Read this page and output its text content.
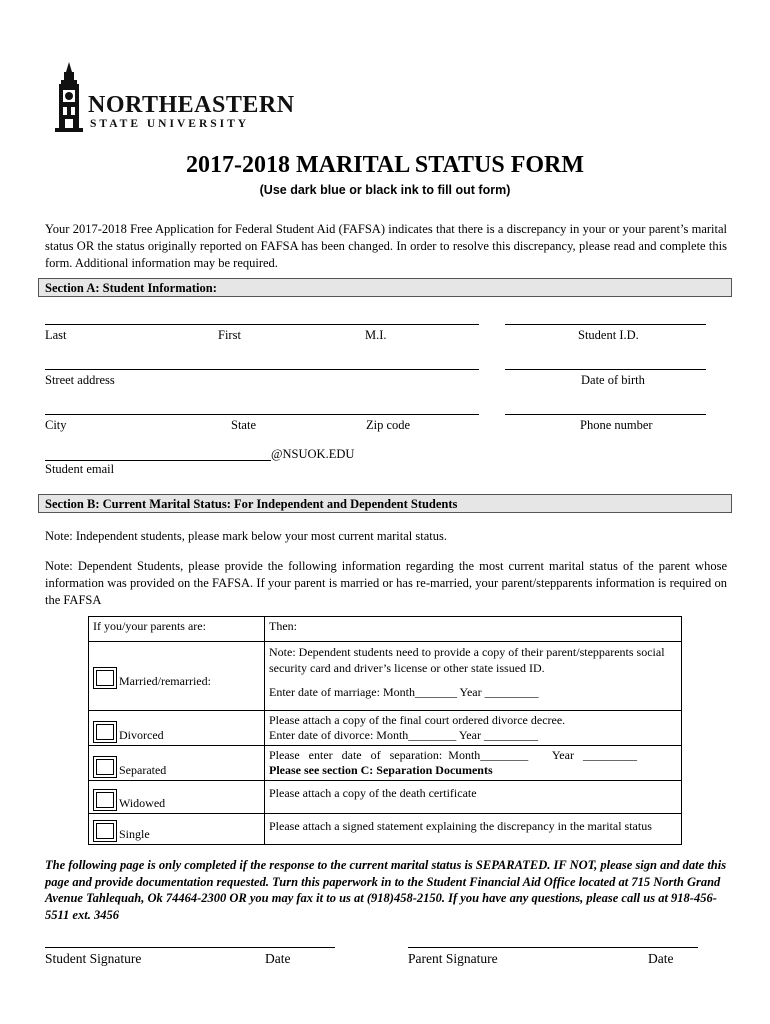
NORTHEASTERN
STATE UNIVERSITY
2017-2018 MARITAL STATUS FORM
(Use dark blue or black ink to fill out form)
Your 2017-2018 Free Application for Federal Student Aid (FAFSA) indicates that there is a discrepancy in your or your parent’s marital status OR the status originally reported on FAFSA has been changed. In order to resolve this discrepancy, please read and complete this form. Additional information may be required.
Section A: Student Information:
Last	First	M.I.	Student I.D.
Street address	Date of birth
City	State	Zip code	Phone number
@NSUOK.EDU
Student email
Section B: Current Marital Status: For Independent and Dependent Students
Note: Independent students, please mark below your most current marital status.
Note: Dependent Students, please provide the following information regarding the most current marital status of the parent whose information was provided on the FAFSA. If your parent is married or has re-married, your parent/stepparents information is required on the FAFSA
If you/your parents are:	Then:
Married/remarried:	Note: Dependent students need to provide a copy of their parent/stepparents social security card and driver’s license or other state issued ID.
Enter date of marriage: Month_______ Year _________

Divorced	Please attach a copy of the final court ordered divorce decree.
Enter date of divorce: Month________ Year _________

Separated	Please   enter   date   of   separation:  Month________        Year   _________
Please see section C: Separation Documents

Widowed	Please attach a copy of the death certificate
Single	Please attach a signed statement explaining the discrepancy in the marital status
The following page is only completed if the response to the current marital status is SEPARATED. IF NOT, please sign and date this page and provide documentation requested. Turn this paperwork in to the Student Financial Aid Office located at 715 North Grand Avenue Tahlequah, Ok 74464-2300 OR you may fax it to us at (918)458-2150. If you have any questions, please call us at 918-456-5511 ext. 3456
Student Signature	Date	Parent Signature	Date
